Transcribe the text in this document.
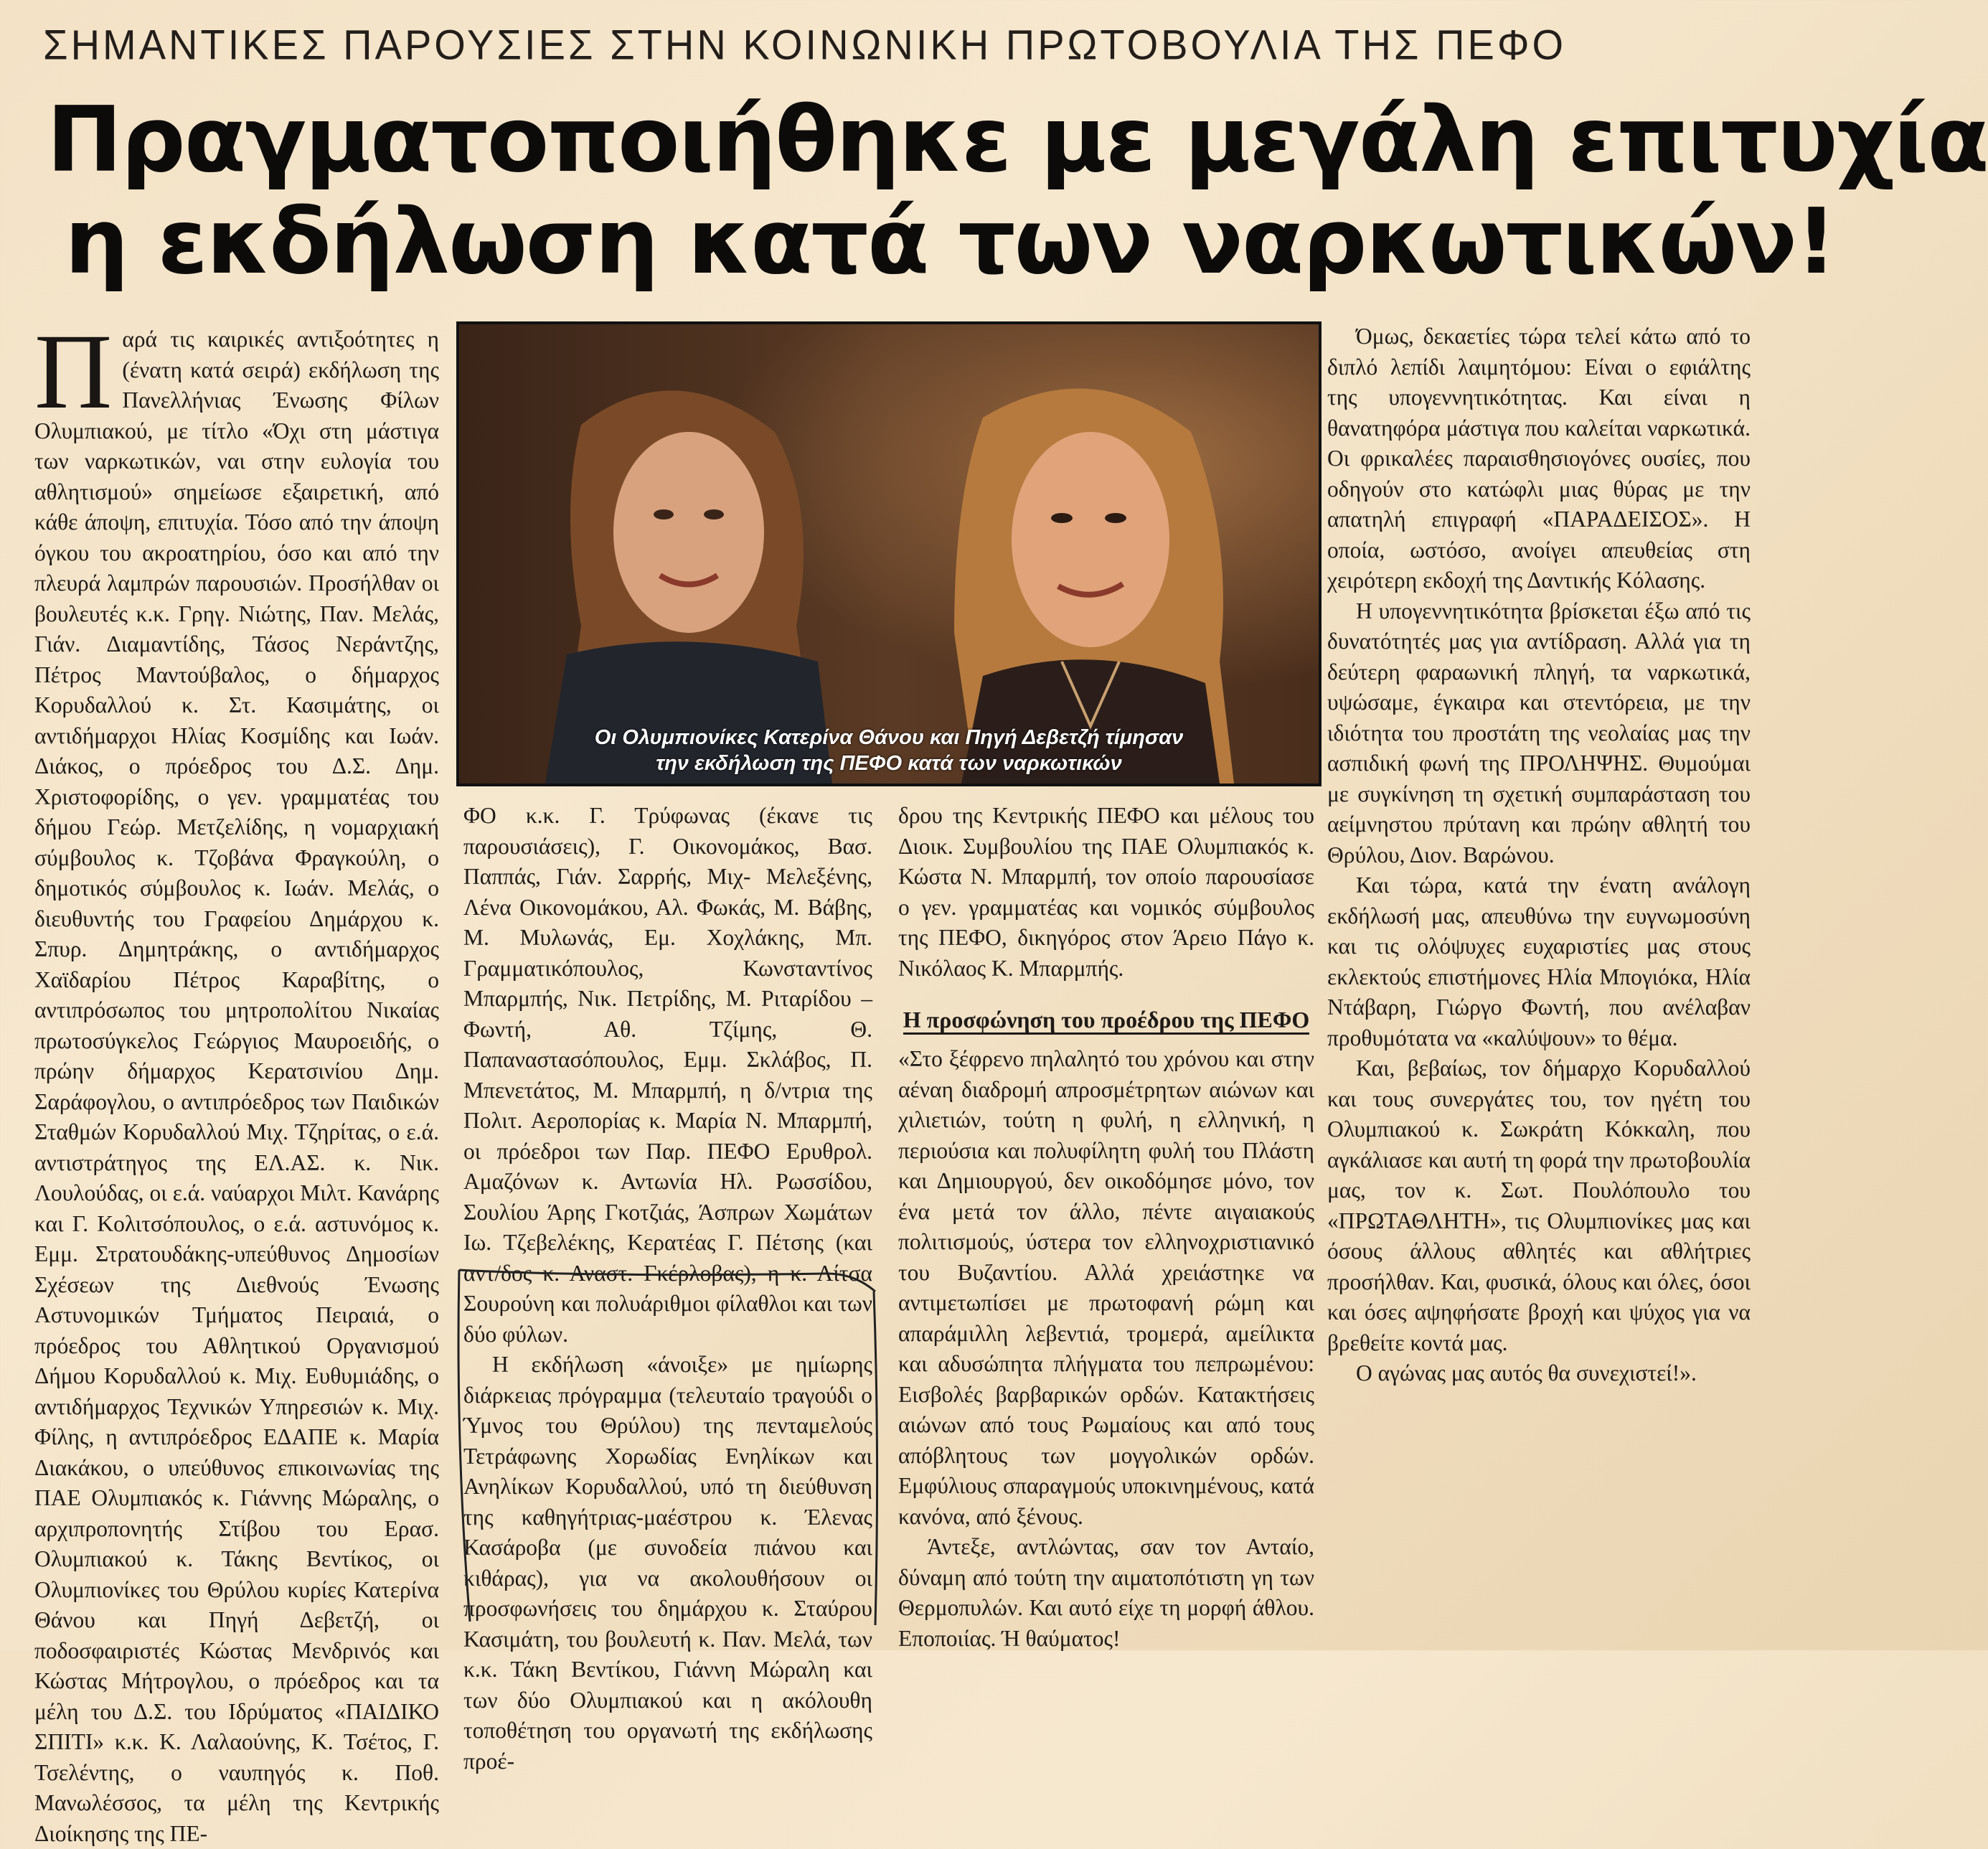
ΣΗΜΑΝΤΙΚΕΣ ΠΑΡΟΥΣΙΕΣ ΣΤΗΝ ΚΟΙΝΩΝΙΚΗ ΠΡΩΤΟΒΟΥΛΙΑ ΤΗΣ ΠΕΦΟ
Πραγματοποιήθηκε με μεγάλη επιτυχία
η εκδήλωση κατά των ναρκωτικών!
Π αρά τις καιρικές αντιξοότητες η (ένατη κατά σειρά) εκδήλωση της Πανελλήνιας Ένωσης Φίλων Ολυμπιακού, με τίτλο «Όχι στη μάστιγα των ναρκωτικών, ναι στην ευλογία του αθλητισμού» σημείωσε εξαιρετική, από κάθε άποψη, επιτυχία. Τόσο από την άποψη όγκου του ακροατηρίου, όσο και από την πλευρά λαμπρών παρουσιών. Προσήλθαν οι βουλευτές κ.κ. Γρηγ. Νιώτης, Παν. Μελάς, Γιάν. Διαμαντίδης, Τάσος Νεράντζης, Πέτρος Μαντούβαλος, ο δήμαρχος Κορυδαλλού κ. Στ. Κασιμάτης, οι αντιδήμαρχοι Ηλίας Κοσμίδης και Ιωάν. Διάκος, ο πρόεδρος του Δ.Σ. Δημ. Χριστοφορίδης, ο γεν. γραμματέας του δήμου Γεώρ. Μετζελίδης, η νομαρχιακή σύμβουλος κ. Τζοβάνα Φραγκούλη, ο δημοτικός σύμβουλος κ. Ιωάν. Μελάς, ο διευθυντής του Γραφείου Δημάρχου κ. Σπυρ. Δημητράκης, ο αντιδήμαρχος Χαϊδαρίου Πέτρος Καραβίτης, ο αντιπρόσωπος του μητροπολίτου Νικαίας πρωτοσύγκελος Γεώργιος Μαυροειδής, ο πρώην δήμαρχος Κερατσινίου Δημ. Σαράφογλου, ο αντιπρόεδρος των Παιδικών Σταθμών Κορυδαλλού Μιχ. Τζηρίτας, ο ε.ά. αντιστράτηγος της ΕΛ.ΑΣ. κ. Νικ. Λουλούδας, οι ε.ά. ναύαρχοι Μιλτ. Κανάρης και Γ. Κολιτσόπουλος, ο ε.ά. αστυνόμος κ. Εμμ. Στρατουδάκης-υπεύθυνος Δημοσίων Σχέσεων της Διεθνούς Ένωσης Αστυνομικών Τμήματος Πειραιά, ο πρόεδρος του Αθλητικού Οργανισμού Δήμου Κορυδαλλού κ. Μιχ. Ευθυμιάδης, ο αντιδήμαρχος Τεχνικών Υπηρεσιών κ. Μιχ. Φίλης, η αντιπρόεδρος ΕΔΑΠΕ κ. Μαρία Διακάκου, ο υπεύθυνος επικοινωνίας της ΠΑΕ Ολυμπιακός κ. Γιάννης Μώραλης, ο αρχιπροπονητής Στίβου του Ερασ. Ολυμπιακού κ. Τάκης Βεντίκος, οι Ολυμπιονίκες του Θρύλου κυρίες Κατερίνα Θάνου και Πηγή Δεβετζή, οι ποδοσφαιριστές Κώστας Μενδρινός και Κώστας Μήτρογλου, ο πρόεδρος και τα μέλη του Δ.Σ. του Ιδρύματος «ΠΑΙΔΙΚΟ ΣΠΙΤΙ» κ.κ. Κ. Λαλαούνης, Κ. Τσέτος, Γ. Τσελέντης, ο ναυπηγός κ. Ποθ. Μανωλέσσος, τα μέλη της Κεντρικής Διοίκησης της ΠΕ-

Οι Ολυμπιονίκες Κατερίνα Θάνου και Πηγή Δεβετζή τίμησαν
την εκδήλωση της ΠΕΦΟ κατά των ναρκωτικών

ΦΟ κ.κ. Γ. Τρύφωνας (έκανε τις παρουσιάσεις), Γ. Οικονομάκος, Βασ. Παππάς, Γιάν. Σαρρής, Μιχ- Μελεξένης, Λένα Οικονομάκου, Αλ. Φωκάς, Μ. Βάβης, Μ. Μυλωνάς, Εμ. Χοχλάκης, Μπ. Γραμματικόπουλος, Κωνσταντίνος Μπαρμπής, Νικ. Πετρίδης, Μ. Ριταρίδου – Φωντή, Αθ. Τζίμης, Θ. Παπαναστασόπουλος, Εμμ. Σκλάβος, Π. Μπενετάτος, Μ. Μπαρμπή, η δ/ντρια της Πολιτ. Αεροπορίας κ. Μαρία Ν. Μπαρμπή, οι πρόεδροι των Παρ. ΠΕΦΟ Ερυθρολ. Αμαζόνων κ. Αντωνία Ηλ. Ρωσσίδου, Σουλίου Άρης Γκοτζιάς, Άσπρων Χωμάτων Ιω. Τζεβελέκης, Κερατέας Γ. Πέτσης (και αντ/δος κ. Αναστ. Γκέρλοβας), η κ. Λίτσα Σουρούνη και πολυάριθμοι φίλαθλοι και των δύο φύλων.

Η εκδήλωση «άνοιξε» με ημίωρης διάρκειας πρόγραμμα (τελευταίο τραγούδι ο Ύμνος του Θρύλου) της πενταμελούς Τετράφωνης Χορωδίας Ενηλίκων και Ανηλίκων Κορυδαλλού, υπό τη διεύθυνση της καθηγήτριας-μαέστρου κ. Έλενας Κασάροβα (με συνοδεία πιάνου και κιθάρας), για να ακολουθήσουν οι προσφωνήσεις του δημάρχου κ. Σταύρου Κασιμάτη, του βουλευτή κ. Παν. Μελά, των κ.κ. Τάκη Βεντίκου, Γιάννη Μώραλη και των δύο Ολυμπιακού και η ακόλουθη τοποθέτηση του οργανωτή της εκδήλωσης προέ-

δρου της Κεντρικής ΠΕΦΟ και μέλους του Διοικ. Συμβουλίου της ΠΑΕ Ολυμπιακός κ. Κώστα Ν. Μπαρμπή, τον οποίο παρουσίασε ο γεν. γραμματέας και νομικός σύμβουλος της ΠΕΦΟ, δικηγόρος στον Άρειο Πάγο κ. Νικόλαος Κ. Μπαρμπής.

Η προσφώνηση του προέδρου της ΠΕΦΟ

«Στο ξέφρενο πηλαλητό του χρόνου και στην αέναη διαδρομή απροσμέτρητων αιώνων και χιλιετιών, τούτη η φυλή, η ελληνική, η περιούσια και πολυφίλητη φυλή του Πλάστη και Δημιουργού, δεν οικοδόμησε μόνο, τον ένα μετά τον άλλο, πέντε αιγαιακούς πολιτισμούς, ύστερα τον ελληνοχριστιανικό του Βυζαντίου. Αλλά χρειάστηκε να αντιμετωπίσει με πρωτοφανή ρώμη και απαράμιλλη λεβεντιά, τρομερά, αμείλικτα και αδυσώπητα πλήγματα του πεπρωμένου: Εισβολές βαρβαρικών ορδών. Κατακτήσεις αιώνων από τους Ρωμαίους και από τους απόβλητους των μογγολικών ορδών. Εμφύλιους σπαραγμούς υποκινημένους, κατά κανόνα, από ξένους.

Άντεξε, αντλώντας, σαν τον Ανταίο, δύναμη από τούτη την αιματοπότιστη γη των Θερμοπυλών. Και αυτό είχε τη μορφή άθλου. Εποποιίας. Ή θαύματος!

Όμως, δεκαετίες τώρα τελεί κάτω από το διπλό λεπίδι λαιμητόμου: Είναι ο εφιάλτης της υπογεννητικότητας. Και είναι η θανατηφόρα μάστιγα που καλείται ναρκωτικά. Οι φρικαλέες παραισθησιογόνες ουσίες, που οδηγούν στο κατώφλι μιας θύρας με την απατηλή επιγραφή «ΠΑΡΑΔΕΙΣΟΣ». Η οποία, ωστόσο, ανοίγει απευθείας στη χειρότερη εκδοχή της Δαντικής Κόλασης.

Η υπογεννητικότητα βρίσκεται έξω από τις δυνατότητές μας για αντίδραση. Αλλά για τη δεύτερη φαραωνική πληγή, τα ναρκωτικά, υψώσαμε, έγκαιρα και στεντόρεια, με την ιδιότητα του προστάτη της νεολαίας μας την ασπιδική φωνή της ΠΡΟΛΗΨΗΣ. Θυμούμαι με συγκίνηση τη σχετική συμπαράσταση του αείμνηστου πρύτανη και πρώην αθλητή του Θρύλου, Διον. Βαρώνου.

Και τώρα, κατά την ένατη ανάλογη εκδήλωσή μας, απευθύνω την ευγνωμοσύνη και τις ολόψυχες ευχαριστίες μας στους εκλεκτούς επιστήμονες Ηλία Μπογιόκα, Ηλία Ντάβαρη, Γιώργο Φωντή, που ανέλαβαν προθυμότατα να «καλύψουν» το θέμα.

Και, βεβαίως, τον δήμαρχο Κορυδαλλού και τους συνεργάτες του, τον ηγέτη του Ολυμπιακού κ. Σωκράτη Κόκκαλη, που αγκάλιασε και αυτή τη φορά την πρωτοβουλία μας, τον κ. Σωτ. Πουλόπουλο του «ΠΡΩΤΑΘΛΗΤΗ», τις Ολυμπιονίκες μας και όσους άλλους αθλητές και αθλήτριες προσήλθαν. Και, φυσικά, όλους και όλες, όσοι και όσες αψηφήσατε βροχή και ψύχος για να βρεθείτε κοντά μας.

Ο αγώνας μας αυτός θα συνεχιστεί!».
